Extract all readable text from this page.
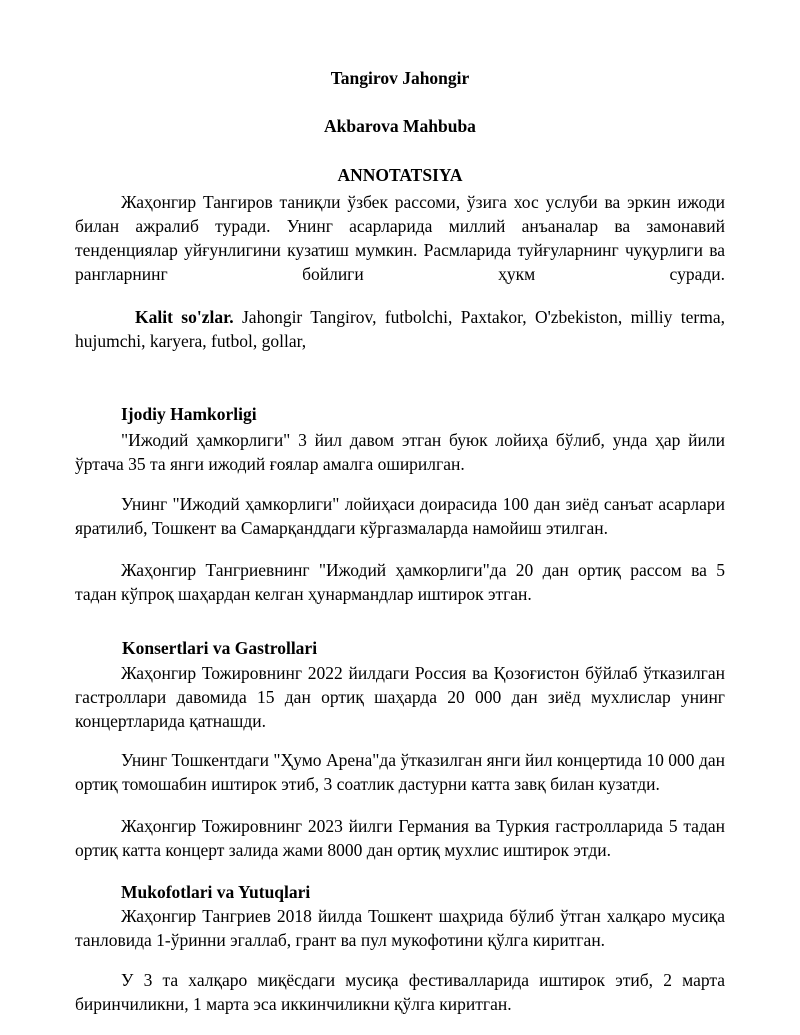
Tangirov Jahongir
Akbarova Mahbuba
ANNOTATSIYA

Жаҳонгир Тангиров таниқли ўзбек рассоми, ўзига хос услуби ва эркин ижоди билан ажралиб туради. Унинг асарларида миллий анъаналар ва замонавий тенденциялар уйғунлигини кузатиш мумкин. Расмларида туйғуларнинг чуқурлиги ва рангларнинг бойлиги ҳукм суради.

Kalit so'zlar. Jahongir Tangirov, futbolchi, Paxtakor, O'zbekiston, milliy terma, hujumchi, karyera, futbol, gollar,

Ijodiy Hamkorligi

"Ижодий ҳамкорлиги" 3 йил давом этган буюк лойиҳа бўлиб, унда ҳар йили ўртача 35 та янги ижодий ғоялар амалга оширилган.

Унинг "Ижодий ҳамкорлиги" лойиҳаси доирасида 100 дан зиёд санъат асарлари яратилиб, Тошкент ва Самарқанддаги кўргазмаларда намойиш этилган.

Жаҳонгир Тангриевнинг "Ижодий ҳамкорлиги"да 20 дан ортиқ рассом ва 5 тадан кўпроқ шаҳардан келган ҳунармандлар иштирок этган.

Konsertlari va Gastrollari

Жаҳонгир Тожировнинг 2022 йилдаги Россия ва Қозоғистон бўйлаб ўтказилган гастроллари давомида 15 дан ортиқ шаҳарда 20 000 дан зиёд мухлислар унинг концертларида қатнашди.

Унинг Тошкентдаги "Ҳумо Арена"да ўтказилган янги йил концертида 10 000 дан ортиқ томошабин иштирок этиб, 3 соатлик дастурни катта завқ билан кузатди.

Жаҳонгир Тожировнинг 2023 йилги Германия ва Туркия гастролларида 5 тадан ортиқ катта концерт залида жами 8000 дан ортиқ мухлис иштирок этди.

Mukofotlari va Yutuqlari

Жаҳонгир Тангриев 2018 йилда Тошкент шаҳрида бўлиб ўтган халқаро мусиқа танловида 1-ўринни эгаллаб, грант ва пул мукофотини қўлга киритган.

У 3 та халқаро миқёсдаги мусиқа фестивалларида иштирок этиб, 2 марта биринчиликни, 1 марта эса иккинчиликни қўлга киритган.
